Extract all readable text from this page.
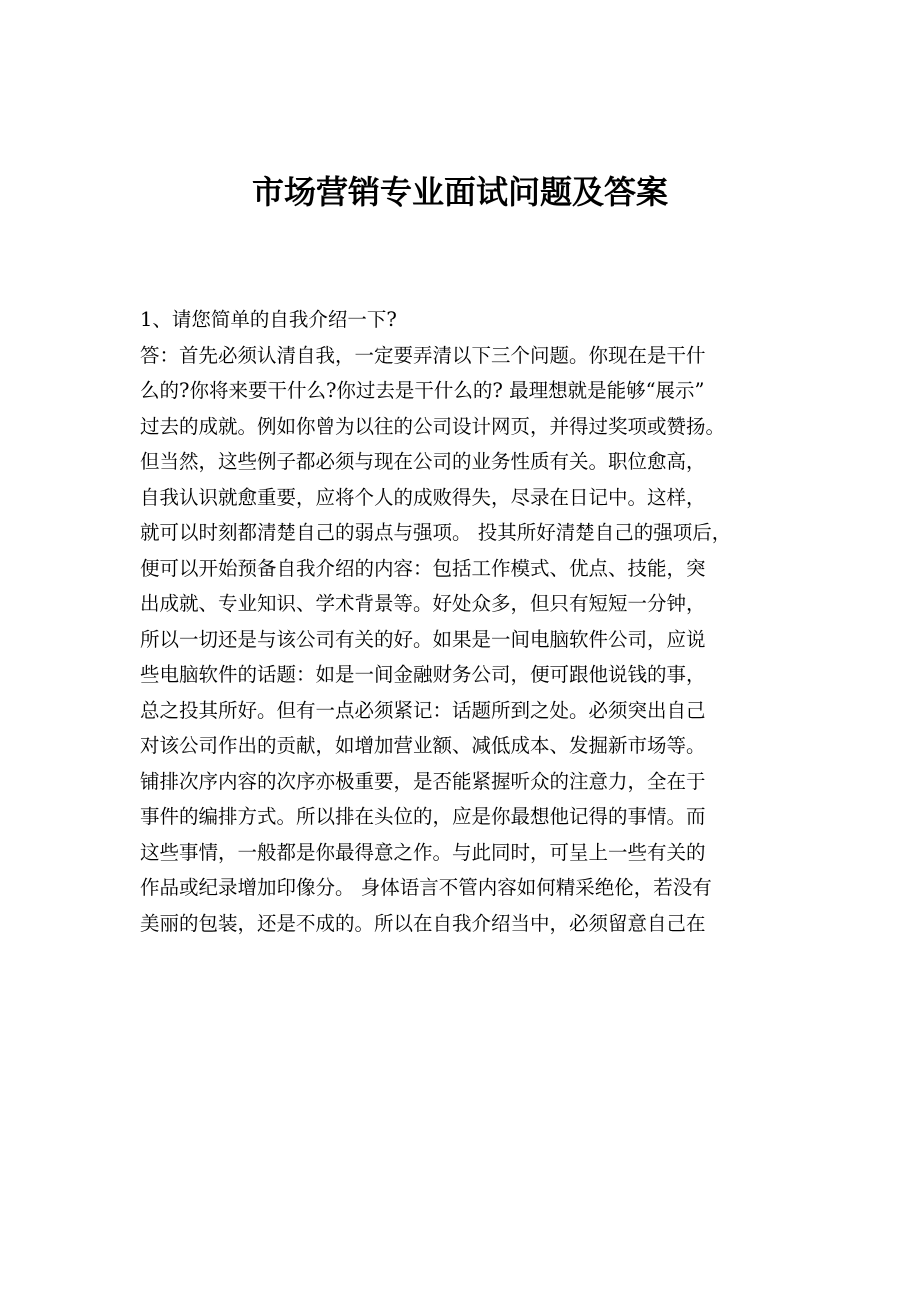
市场营销专业面试问题及答案
1、请您简单的自我介绍一下?
答：首先必须认清自我，一定要弄清以下三个问题。你现在是干什
么的?你将来要干什么?你过去是干什么的? 最理想就是能够“展示”
过去的成就。例如你曾为以往的公司设计网页，并得过奖项或赞扬。
但当然，这些例子都必须与现在公司的业务性质有关。职位愈高，
自我认识就愈重要，应将个人的成败得失，尽录在日记中。这样，
就可以时刻都清楚自己的弱点与强项。 投其所好清楚自己的强项后，
便可以开始预备自我介绍的内容：包括工作模式、优点、技能，突
出成就、专业知识、学术背景等。好处众多，但只有短短一分钟，
所以一切还是与该公司有关的好。如果是一间电脑软件公司，应说
些电脑软件的话题：如是一间金融财务公司，便可跟他说钱的事，
总之投其所好。但有一点必须紧记：话题所到之处。必须突出自己
对该公司作出的贡献，如增加营业额、减低成本、发掘新市场等。
铺排次序内容的次序亦极重要，是否能紧握听众的注意力，全在于
事件的编排方式。所以排在头位的，应是你最想他记得的事情。而
这些事情，一般都是你最得意之作。与此同时，可呈上一些有关的
作品或纪录增加印像分。 身体语言不管内容如何精采绝伦，若没有
美丽的包装，还是不成的。所以在自我介绍当中，必须留意自己在
